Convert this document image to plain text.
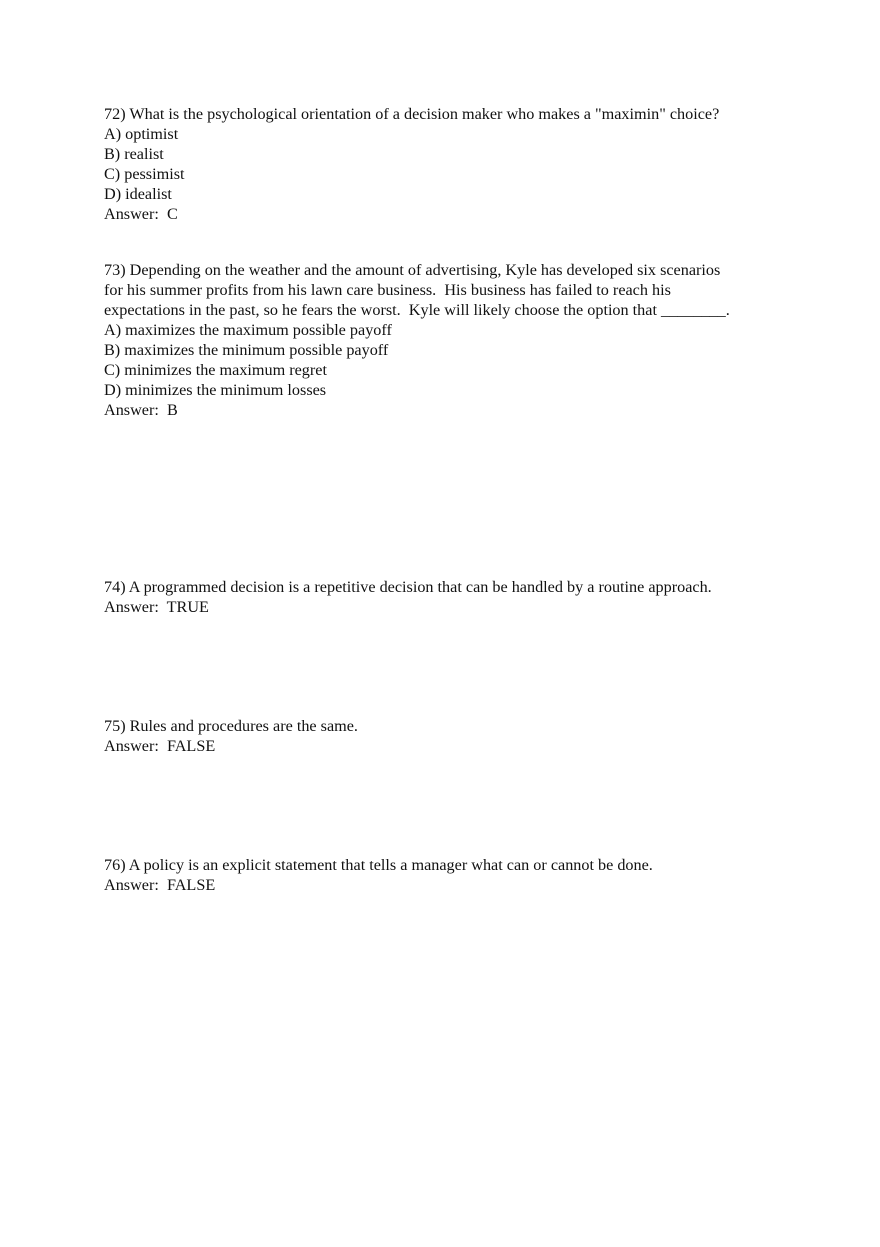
72) What is the psychological orientation of a decision maker who makes a "maximin" choice?
A) optimist
B) realist
C) pessimist
D) idealist
Answer:  C
73) Depending on the weather and the amount of advertising, Kyle has developed six scenarios
for his summer profits from his lawn care business.  His business has failed to reach his
expectations in the past, so he fears the worst.  Kyle will likely choose the option that ________.
A) maximizes the maximum possible payoff
B) maximizes the minimum possible payoff
C) minimizes the maximum regret
D) minimizes the minimum losses
Answer:  B
74) A programmed decision is a repetitive decision that can be handled by a routine approach.
Answer:  TRUE
75) Rules and procedures are the same.
Answer:  FALSE
76) A policy is an explicit statement that tells a manager what can or cannot be done.
Answer:  FALSE
